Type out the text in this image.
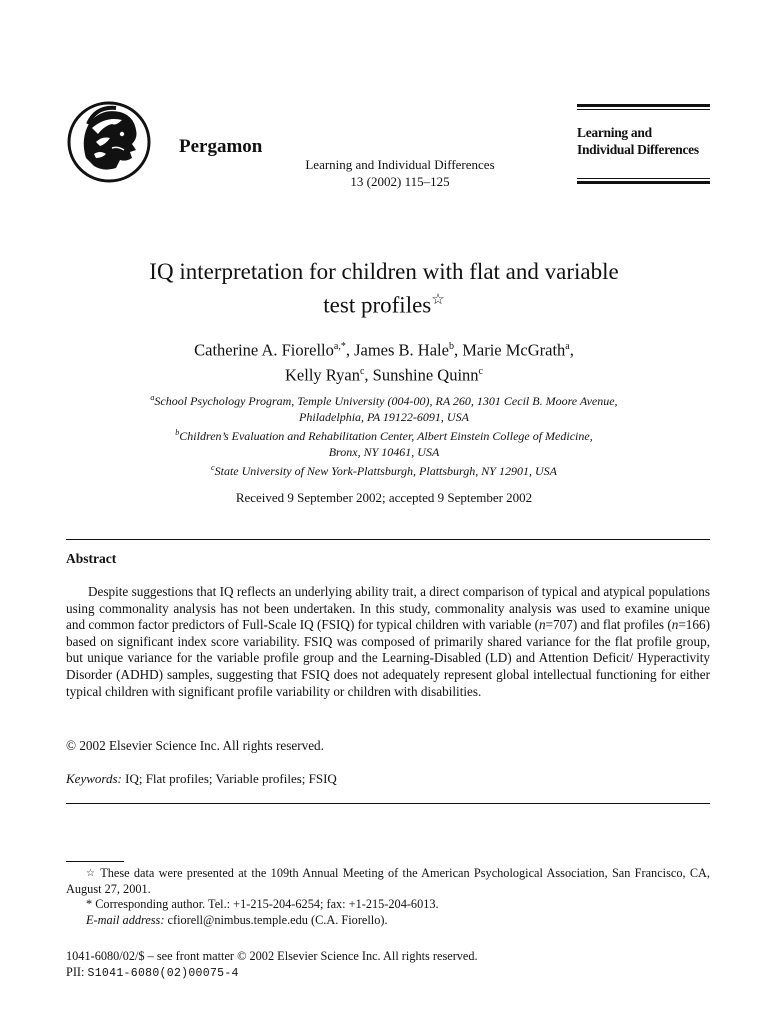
Pergamon
Learning and Individual Differences
13 (2002) 115–125
Learning and
Individual Differences
IQ interpretation for children with flat and variable
test profiles☆
Catherine A. Fiorello$^{a,*}$, James B. Hale$^b$, Marie McGrath$^a$,
Kelly Ryan$^c$, Sunshine Quinn$^c$
$^a$School Psychology Program, Temple University (004-00), RA 260, 1301 Cecil B. Moore Avenue,
Philadelphia, PA 19122-6091, USA
$^b$Children’s Evaluation and Rehabilitation Center, Albert Einstein College of Medicine,
Bronx, NY 10461, USA
$^c$State University of New York-Plattsburgh, Plattsburgh, NY 12901, USA
Received 9 September 2002; accepted 9 September 2002
Abstract

Despite suggestions that IQ reflects an underlying ability trait, a direct comparison of typical and atypical populations using commonality analysis has not been undertaken. In this study, commonality analysis was used to examine unique and common factor predictors of Full-Scale IQ (FSIQ) for typical children with variable (n=707) and flat profiles (n=166) based on significant index score variability. FSIQ was composed of primarily shared variance for the flat profile group, but unique variance for the variable profile group and the Learning-Disabled (LD) and Attention Deficit/ Hyperactivity Disorder (ADHD) samples, suggesting that FSIQ does not adequately represent global intellectual functioning for either typical children with significant profile variability or children with disabilities.

© 2002 Elsevier Science Inc. All rights reserved.
Keywords: IQ; Flat profiles; Variable profiles; FSIQ
☆ These data were presented at the 109th Annual Meeting of the American Psychological Association, San Francisco, CA, August 27, 2001.
* Corresponding author. Tel.: +1-215-204-6254; fax: +1-215-204-6013.
E-mail address: cfiorell@nimbus.temple.edu (C.A. Fiorello).
1041-6080/02/$ – see front matter © 2002 Elsevier Science Inc. All rights reserved.
PII: S1041-6080(02)00075-4
